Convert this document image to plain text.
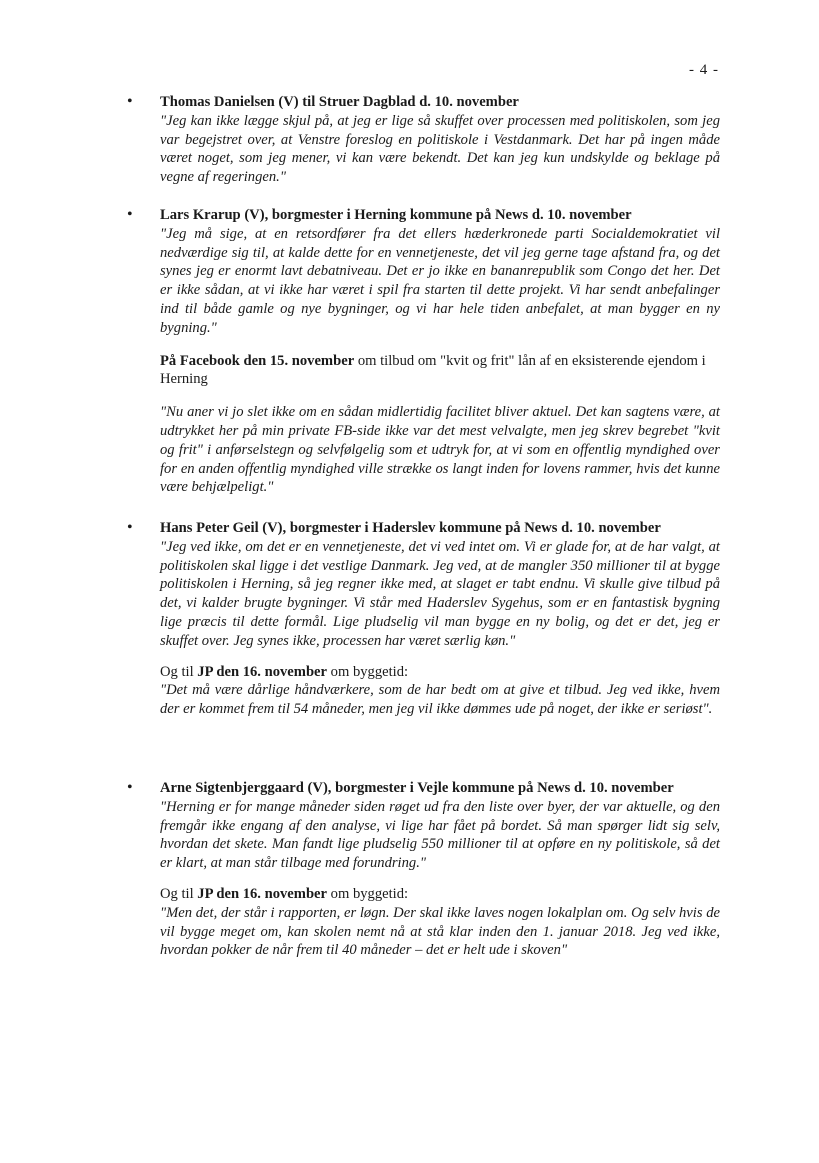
- 4 -
• Thomas Danielsen (V) til Struer Dagblad d. 10. november

"Jeg kan ikke lægge skjul på, at jeg er lige så skuffet over processen med politiskolen, som jeg var begejstret over, at Venstre foreslog en politiskole i Vestdanmark. Det har på ingen måde været noget, som jeg mener, vi kan være bekendt. Det kan jeg kun undskylde og beklage på vegne af regeringen."

• Lars Krarup (V), borgmester i Herning kommune på News d. 10. november

"Jeg må sige, at en retsordfører fra det ellers hæderkronede parti Socialdemokratiet vil nedværdige sig til, at kalde dette for en vennetjeneste, det vil jeg gerne tage afstand fra, og det synes jeg er enormt lavt debatniveau. Det er jo ikke en bananrepublik som Congo det her. Det er ikke sådan, at vi ikke har været i spil fra starten til dette projekt. Vi har sendt anbefalinger ind til både gamle og nye bygninger, og vi har hele tiden anbefalet, at man bygger en ny bygning."

På Facebook den 15. november om tilbud om "kvit og frit" lån af en eksisterende ejendom i Herning

"Nu aner vi jo slet ikke om en sådan midlertidig facilitet bliver aktuel. Det kan sagtens være, at udtrykket her på min private FB-side ikke var det mest velvalgte, men jeg skrev begrebet "kvit og frit" i anførselstegn og selvfølgelig som et udtryk for, at vi som en offentlig myndighed over for en anden offentlig myndighed ville strække os langt inden for lovens rammer, hvis det kunne være behjælpeligt."

• Hans Peter Geil (V), borgmester i Haderslev kommune på News d. 10. november

"Jeg ved ikke, om det er en vennetjeneste, det vi ved intet om. Vi er glade for, at de har valgt, at politiskolen skal ligge i det vestlige Danmark. Jeg ved, at de mangler 350 millioner til at bygge politiskolen i Herning, så jeg regner ikke med, at slaget er tabt endnu. Vi skulle give tilbud på det, vi kalder brugte bygninger. Vi står med Haderslev Sygehus, som er en fantastisk bygning lige præcis til dette formål. Lige pludselig vil man bygge en ny bolig, og det er det, jeg er skuffet over. Jeg synes ikke, processen har været særlig køn."

Og til JP den 16. november om byggetid:

"Det må være dårlige håndværkere, som de har bedt om at give et tilbud. Jeg ved ikke, hvem der er kommet frem til 54 måneder, men jeg vil ikke dømmes ude på noget, der ikke er seriøst".

• Arne Sigtenbjerggaard (V), borgmester i Vejle kommune på News d. 10. november

"Herning er for mange måneder siden røget ud fra den liste over byer, der var aktuelle, og den fremgår ikke engang af den analyse, vi lige har fået på bordet. Så man spørger lidt sig selv, hvordan det skete. Man fandt lige pludselig 550 millioner til at opføre en ny politiskole, så det er klart, at man står tilbage med forundring."

Og til JP den 16. november om byggetid:

"Men det, der står i rapporten, er løgn. Der skal ikke laves nogen lokalplan om. Og selv hvis de vil bygge meget om, kan skolen nemt nå at stå klar inden den 1. januar 2018. Jeg ved ikke, hvordan pokker de når frem til 40 måneder – det er helt ude i skoven"
